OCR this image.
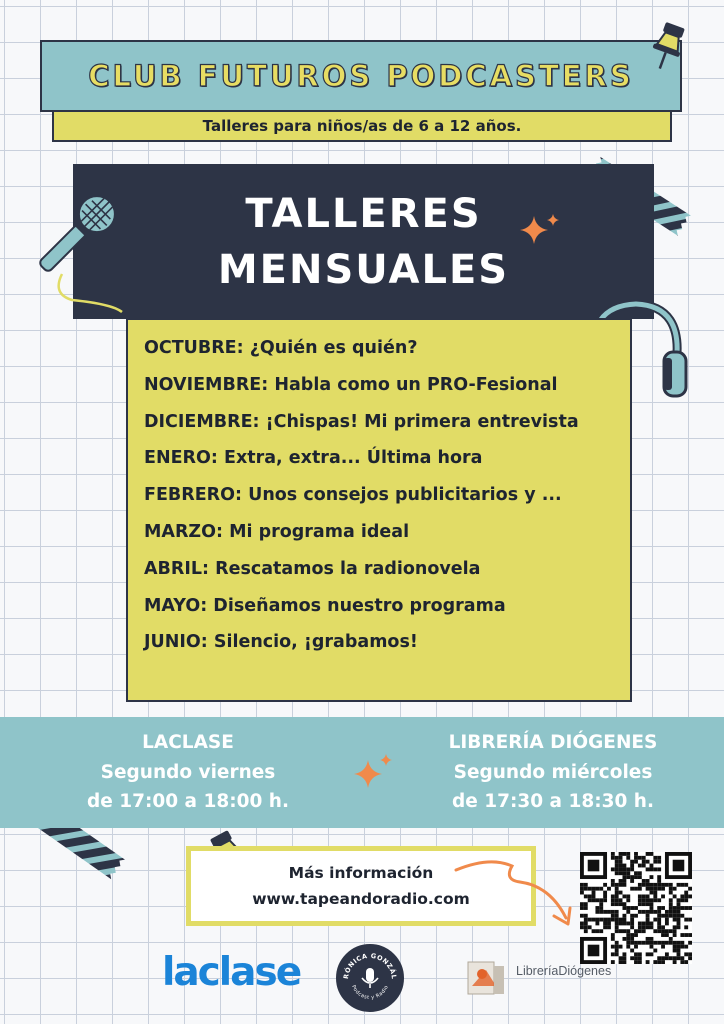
CLUB FUTUROS PODCASTERS
Talleres para niños/as de 6 a 12 años.
TALLERES
MENSUALES
OCTUBRE: ¿Quién es quién?
NOVIEMBRE: Habla como un PRO-Fesional
DICIEMBRE: ¡Chispas! Mi primera entrevista
ENERO: Extra, extra... Última hora
FEBRERO: Unos consejos publicitarios y ...
MARZO: Mi programa ideal
ABRIL: Rescatamos la radionovela
MAYO: Diseñamos nuestro programa
JUNIO: Silencio, ¡grabamos!
LACLASE
Segundo viernes
de 17:00 a 18:00 h.
LIBRERÍA DIÓGENES
Segundo miércoles
de 17:30 a 18:30 h.
Más información
www.tapeandoradio.com
laclase	RÓNICA GONZÁL
Podcast y Radio
LibreríaDiógenes
